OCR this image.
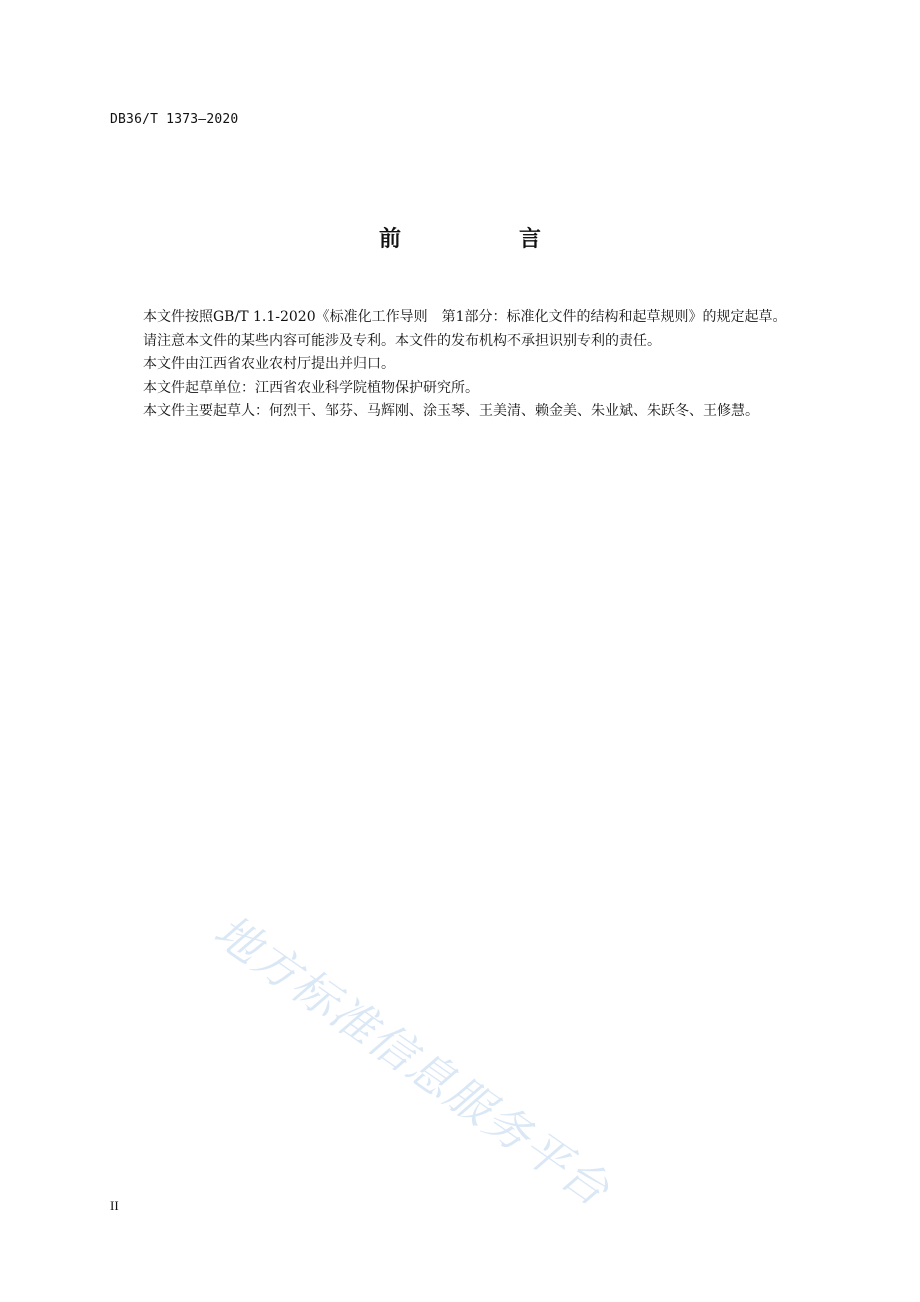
DB36/T 1373—2020
前　言

本文件按照GB/T 1.1-2020《标准化工作导则　第1部分：标准化文件的结构和起草规则》的规定起草。

请注意本文件的某些内容可能涉及专利。本文件的发布机构不承担识别专利的责任。

本文件由江西省农业农村厅提出并归口。

本文件起草单位：江西省农业科学院植物保护研究所。

本文件主要起草人：何烈干、邹芬、马辉刚、涂玉琴、王美清、赖金美、朱业斌、朱跃冬、王修慧。

地方标准信息服务平台
II
